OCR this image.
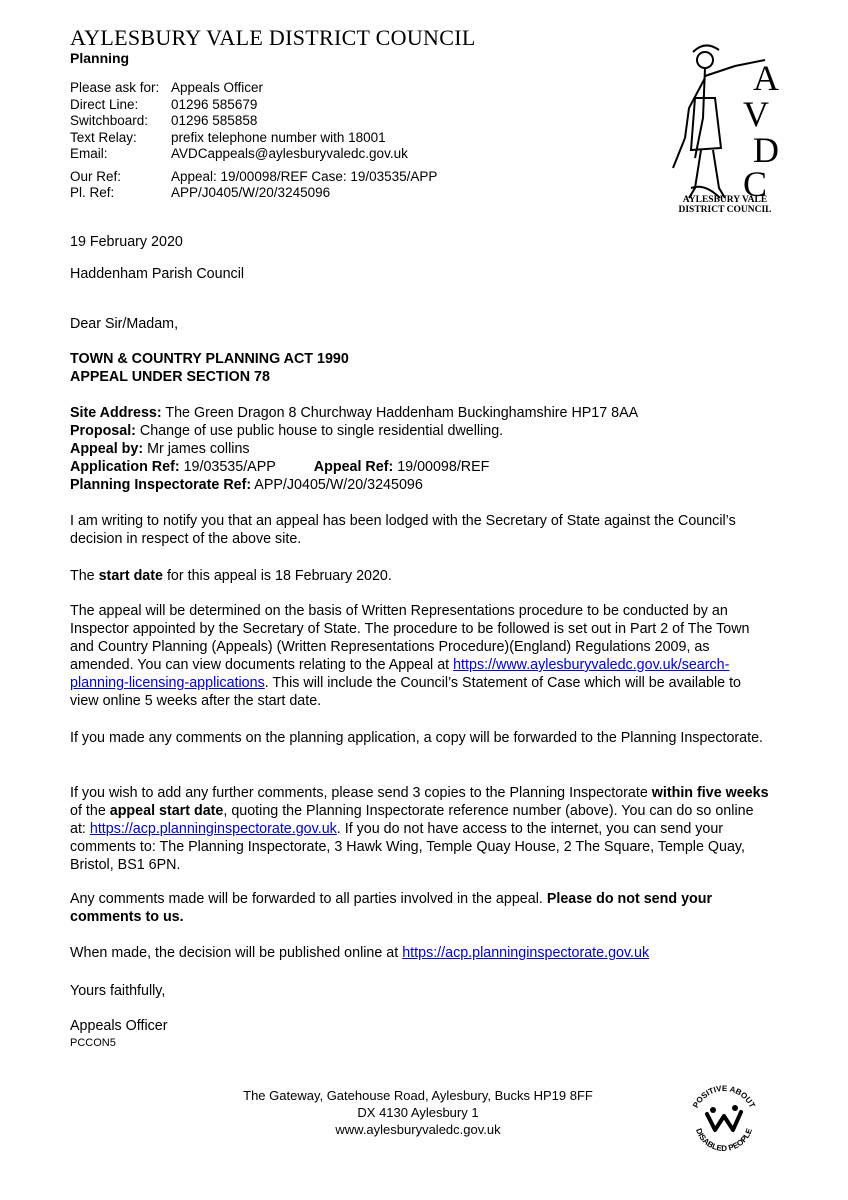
AYLESBURY VALE DISTRICT COUNCIL
Planning
Please ask for: Appeals Officer
Direct Line:	01296 585679
Switchboard:	01296 585858
Text Relay:	prefix telephone number with 18001
Email:	AVDCappeals@aylesburyvaledc.gov.uk
Our Ref:	Appeal: 19/00098/REF Case: 19/03535/APP
Pl. Ref:	APP/J0405/W/20/3245096
A
V
D
C
AYLESBURY VALE
DISTRICT COUNCIL
19 February 2020
Haddenham Parish Council
Dear Sir/Madam,
TOWN & COUNTRY PLANNING ACT 1990
APPEAL UNDER SECTION 78
Site Address: The Green Dragon 8 Churchway Haddenham Buckinghamshire HP17 8AA
Proposal: Change of use public house to single residential dwelling.
Appeal by: Mr james collins
Application Ref: 19/03535/APP	Appeal Ref: 19/00098/REF
Planning Inspectorate Ref: APP/J0405/W/20/3245096

I am writing to notify you that an appeal has been lodged with the Secretary of State against the Council’s decision in respect of the above site.

The start date for this appeal is 18 February 2020.

The appeal will be determined on the basis of Written Representations procedure to be conducted by an Inspector appointed by the Secretary of State. The procedure to be followed is set out in Part 2 of The Town and Country Planning (Appeals) (Written Representations Procedure)(England) Regulations 2009, as amended. You can view documents relating to the Appeal at https://www.aylesburyvaledc.gov.uk/search-planning-licensing-applications. This will include the Council’s Statement of Case which will be available to view online 5 weeks after the start date.

If you made any comments on the planning application, a copy will be forwarded to the Planning Inspectorate.

If you wish to add any further comments, please send 3 copies to the Planning Inspectorate within five weeks of the appeal start date, quoting the Planning Inspectorate reference number (above). You can do so online at: https://acp.planninginspectorate.gov.uk. If you do not have access to the internet, you can send your comments to: The Planning Inspectorate, 3 Hawk Wing, Temple Quay House, 2 The Square, Temple Quay, Bristol, BS1 6PN.

Any comments made will be forwarded to all parties involved in the appeal. Please do not send your comments to us.

When made, the decision will be published online at https://acp.planninginspectorate.gov.uk

Yours faithfully,
Appeals Officer
PCCON5
The Gateway, Gatehouse Road, Aylesbury, Bucks HP19 8FF
DX 4130 Aylesbury 1
www.aylesburyvaledc.gov.uk
POSITIVE ABOUT
DISABLED PEOPLE
